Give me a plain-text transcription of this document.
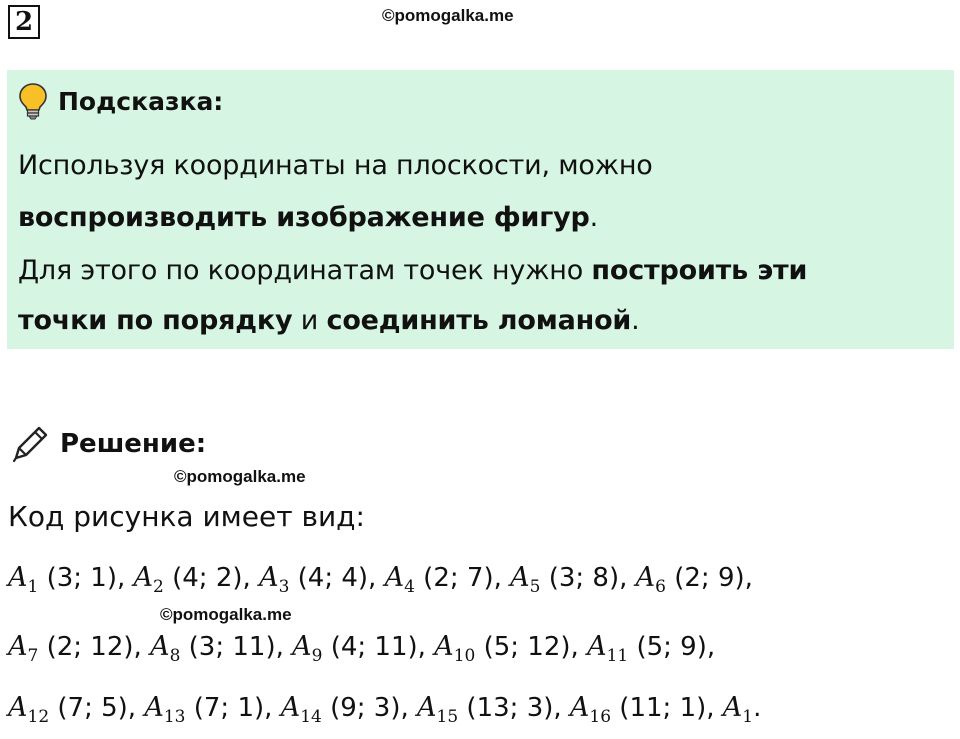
2	©pomogalka.me
Подсказка:
Используя координаты на плоскости, можно
воспроизводить изображение фигур.
Для этого по координатам точек нужно построить эти
точки по порядку и соединить ломаной.
Решение:
©pomogalka.me
Код рисунка имеет вид:
$A_1$ (3; 1), $A_2$ (4; 2), $A_3$ (4; 4), $A_4$ (2; 7), $A_5$ (3; 8), $A_6$ (2; 9),
©pomogalka.me
$A_7$ (2; 12), $A_8$ (3; 11), $A_9$ (4; 11), $A_{10}$ (5; 12), $A_{11}$ (5; 9),
$A_{12}$ (7; 5), $A_{13}$ (7; 1), $A_{14}$ (9; 3), $A_{15}$ (13; 3), $A_{16}$ (11; 1), $A_1$.
